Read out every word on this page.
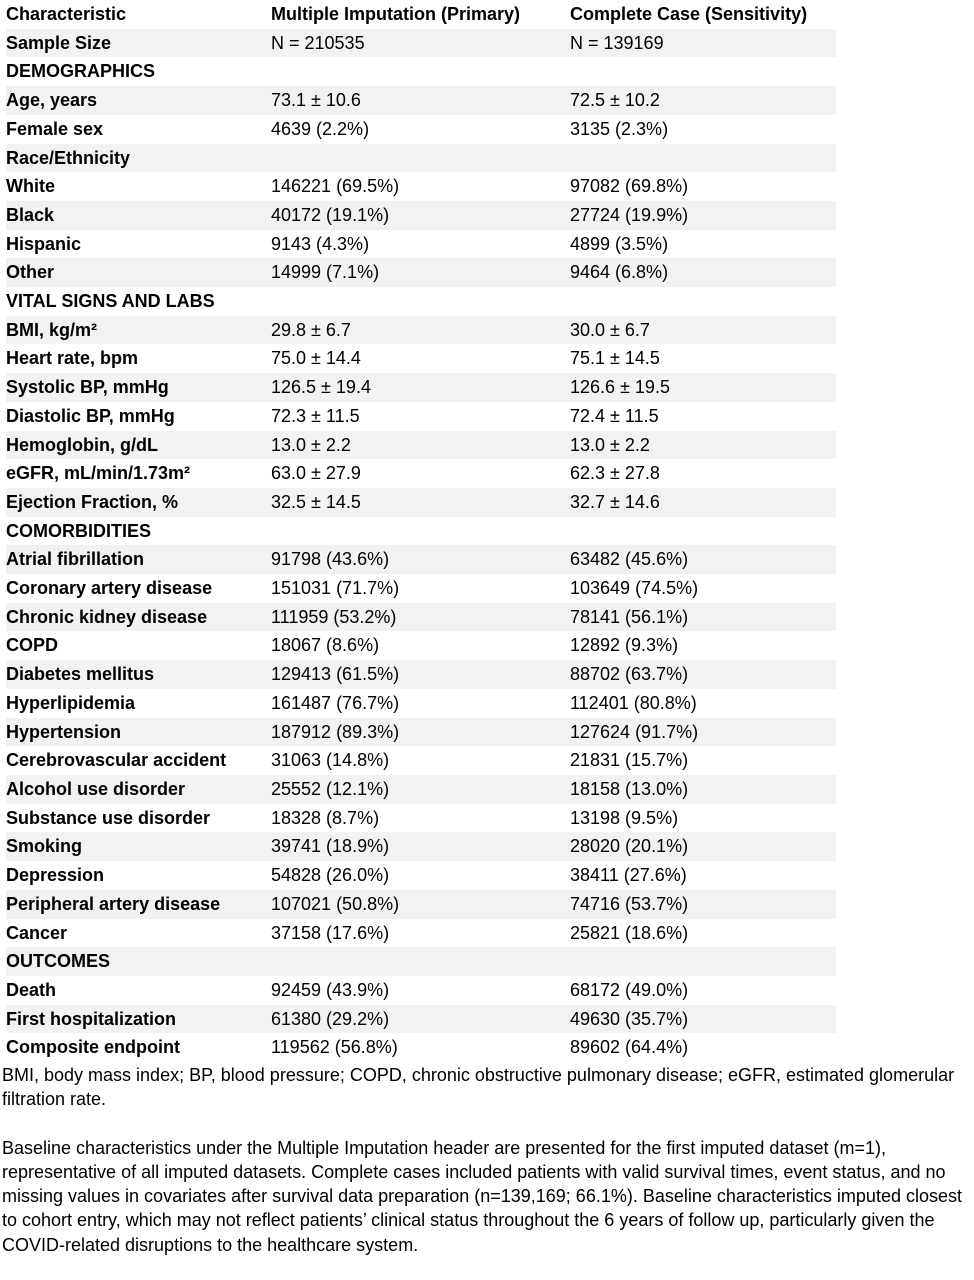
Characteristic	Multiple Imputation (Primary)	Complete Case (Sensitivity)
Sample Size	N = 210535	N = 139169
DEMOGRAPHICS		
Age, years	73.1 ± 10.6	72.5 ± 10.2
Female sex	4639 (2.2%)	3135 (2.3%)
Race/Ethnicity		
White	146221 (69.5%)	97082 (69.8%)
Black	40172 (19.1%)	27724 (19.9%)
Hispanic	9143 (4.3%)	4899 (3.5%)
Other	14999 (7.1%)	9464 (6.8%)
VITAL SIGNS AND LABS		
BMI, kg/m²	29.8 ± 6.7	30.0 ± 6.7
Heart rate, bpm	75.0 ± 14.4	75.1 ± 14.5
Systolic BP, mmHg	126.5 ± 19.4	126.6 ± 19.5
Diastolic BP, mmHg	72.3 ± 11.5	72.4 ± 11.5
Hemoglobin, g/dL	13.0 ± 2.2	13.0 ± 2.2
eGFR, mL/min/1.73m²	63.0 ± 27.9	62.3 ± 27.8
Ejection Fraction, %	32.5 ± 14.5	32.7 ± 14.6
COMORBIDITIES		
Atrial fibrillation	91798 (43.6%)	63482 (45.6%)
Coronary artery disease	151031 (71.7%)	103649 (74.5%)
Chronic kidney disease	111959 (53.2%)	78141 (56.1%)
COPD	18067 (8.6%)	12892 (9.3%)
Diabetes mellitus	129413 (61.5%)	88702 (63.7%)
Hyperlipidemia	161487 (76.7%)	112401 (80.8%)
Hypertension	187912 (89.3%)	127624 (91.7%)
Cerebrovascular accident	31063 (14.8%)	21831 (15.7%)
Alcohol use disorder	25552 (12.1%)	18158 (13.0%)
Substance use disorder	18328 (8.7%)	13198 (9.5%)
Smoking	39741 (18.9%)	28020 (20.1%)
Depression	54828 (26.0%)	38411 (27.6%)
Peripheral artery disease	107021 (50.8%)	74716 (53.7%)
Cancer	37158 (17.6%)	25821 (18.6%)
OUTCOMES		
Death	92459 (43.9%)	68172 (49.0%)
First hospitalization	61380 (29.2%)	49630 (35.7%)
Composite endpoint	119562 (56.8%)	89602 (64.4%)

BMI, body mass index; BP, blood pressure; COPD, chronic obstructive pulmonary disease; eGFR, estimated glomerular filtration rate.

Baseline characteristics under the Multiple Imputation header are presented for the first imputed dataset (m=1), representative of all imputed datasets. Complete cases included patients with valid survival times, event status, and no missing values in covariates after survival data preparation (n=139,169; 66.1%). Baseline characteristics imputed closest to cohort entry, which may not reflect patients’ clinical status throughout the 6 years of follow up, particularly given the COVID-related disruptions to the healthcare system.
